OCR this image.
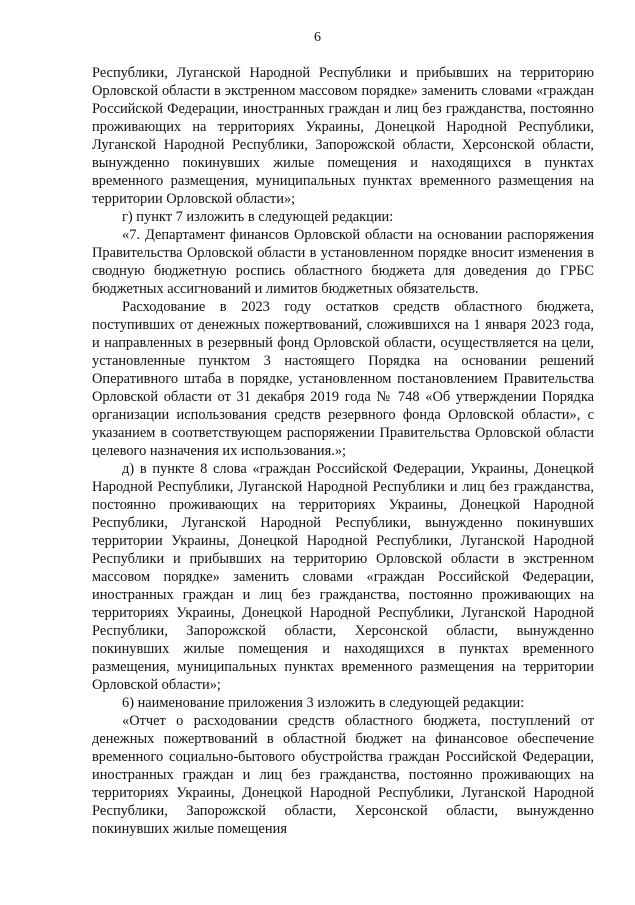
6

Республики, Луганской Народной Республики и прибывших на территорию Орловской области в экстренном массовом порядке» заменить словами «граждан Российской Федерации, иностранных граждан и лиц без гражданства, постоянно проживающих на территориях Украины, Донецкой Народной Республики, Луганской Народной Республики, Запорожской области, Херсонской области, вынужденно покинувших жилые помещения и находящихся в пунктах временного размещения, муниципальных пунктах временного размещения на территории Орловской области»;

г) пункт 7 изложить в следующей редакции:

«7. Департамент финансов Орловской области на основании распоряжения Правительства Орловской области в установленном порядке вносит изменения в сводную бюджетную роспись областного бюджета для доведения до ГРБС бюджетных ассигнований и лимитов бюджетных обязательств.

Расходование в 2023 году остатков средств областного бюджета, поступивших от денежных пожертвований, сложившихся на 1 января 2023 года, и направленных в резервный фонд Орловской области, осуществляется на цели, установленные пунктом 3 настоящего Порядка на основании решений Оперативного штаба в порядке, установленном постановлением Правительства Орловской области от 31 декабря 2019 года № 748 «Об утверждении Порядка организации использования средств резервного фонда Орловской области», с указанием в соответствующем распоряжении Правительства Орловской области целевого назначения их использования.»;

д) в пункте 8 слова «граждан Российской Федерации, Украины, Донецкой Народной Республики, Луганской Народной Республики и лиц без гражданства, постоянно проживающих на территориях Украины, Донецкой Народной Республики, Луганской Народной Республики, вынужденно покинувших территории Украины, Донецкой Народной Республики, Луганской Народной Республики и прибывших на территорию Орловской области в экстренном массовом порядке» заменить словами «граждан Российской Федерации, иностранных граждан и лиц без гражданства, постоянно проживающих на территориях Украины, Донецкой Народной Республики, Луганской Народной Республики, Запорожской области, Херсонской области, вынужденно покинувших жилые помещения и находящихся в пунктах временного размещения, муниципальных пунктах временного размещения на территории Орловской области»;

6) наименование приложения 3 изложить в следующей редакции:

«Отчет о расходовании средств областного бюджета, поступлений от денежных пожертвований в областной бюджет на финансовое обеспечение временного социально-бытового обустройства граждан Российской Федерации, иностранных граждан и лиц без гражданства, постоянно проживающих на территориях Украины, Донецкой Народной Республики, Луганской Народной Республики, Запорожской области, Херсонской области, вынужденно покинувших жилые помещения
